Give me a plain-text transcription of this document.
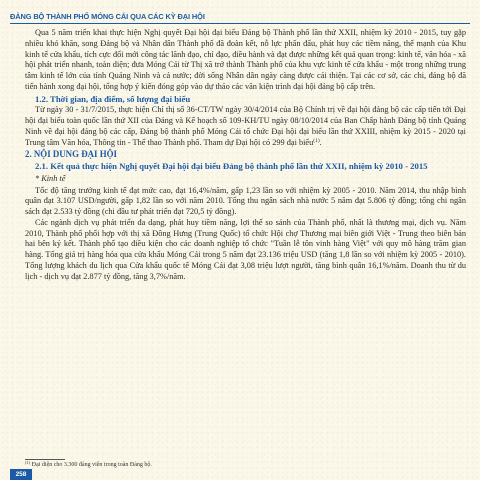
ĐẢNG BỘ THÀNH PHỐ MÓNG CÁI QUA CÁC KỲ ĐẠI HỘI

Qua 5 năm triển khai thực hiện Nghị quyết Đại hội đại biểu Đảng bộ Thành phố lần thứ XXII, nhiệm kỳ 2010 - 2015, tuy gặp nhiều khó khăn, song Đảng bộ và Nhân dân Thành phố đã đoàn kết, nỗ lực phấn đấu, phát huy các tiềm năng, thế mạnh của Khu kinh tế cửa khẩu, tích cực đổi mới công tác lãnh đạo, chỉ đạo, điều hành và đạt được những kết quả quan trọng: kinh tế, văn hóa - xã hội phát triển nhanh, toàn diện; đưa Móng Cái từ Thị xã trở thành Thành phố của khu vực kinh tế cửa khẩu - một trong những trung tâm kinh tế lớn của tỉnh Quảng Ninh và cả nước; đời sống Nhân dân ngày càng được cải thiện. Tại các cơ sở, các chi, đảng bộ đã tiến hành xong đại hội, tổng hợp ý kiến đóng góp vào dự thảo các văn kiện trình đại hội đảng bộ cấp trên.

1.2. Thời gian, địa điểm, số lượng đại biểu

Từ ngày 30 - 31/7/2015, thực hiện Chỉ thị số 36-CT/TW ngày 30/4/2014 của Bộ Chính trị về đại hội đảng bộ các cấp tiến tới Đại hội đại biểu toàn quốc lần thứ XII của Đảng và Kế hoạch số 109-KH/TU ngày 08/10/2014 của Ban Chấp hành Đảng bộ tỉnh Quảng Ninh về đại hội đảng bộ các cấp, Đảng bộ thành phố Móng Cái tổ chức Đại hội đại biểu lần thứ XXIII, nhiệm kỳ 2015 - 2020 tại Trung tâm Văn hóa, Thông tin - Thể thao Thành phố. Tham dự Đại hội có 299 đại biểu$^{(1)}$.

2. NỘI DUNG ĐẠI HỘI
2.1. Kết quả thực hiện Nghị quyết Đại hội đại biểu Đảng bộ thành phố lần thứ XXII, nhiệm kỳ 2010 - 2015

* Kinh tế

Tốc độ tăng trưởng kinh tế đạt mức cao, đạt 16,4%/năm, gấp 1,23 lần so với nhiệm kỳ 2005 - 2010. Năm 2014, thu nhập bình quân đạt 3.107 USD/người, gấp 1,82 lần so với năm 2010. Tổng thu ngân sách nhà nước 5 năm đạt 5.806 tỷ đồng; tổng chi ngân sách đạt 2.533 tỷ đồng (chi đầu tư phát triển đạt 720,5 tỷ đồng).

Các ngành dịch vụ phát triển đa dạng, phát huy tiềm năng, lợi thế so sánh của Thành phố, nhất là thương mại, dịch vụ. Năm 2010, Thành phố phối hợp với thị xã Đông Hưng (Trung Quốc) tổ chức Hội chợ Thương mại biên giới Việt - Trung theo biên bản hai bên ký kết. Thành phố tạo điều kiện cho các doanh nghiệp tổ chức "Tuần lễ tôn vinh hàng Việt" với quy mô hàng trăm gian hàng. Tổng giá trị hàng hóa qua cửa khẩu Móng Cái trong 5 năm đạt 23.136 triệu USD (tăng 1,8 lần so với nhiệm kỳ 2005 - 2010). Tổng lượng khách du lịch qua Cửa khẩu quốc tế Móng Cái đạt 3,08 triệu lượt người, tăng bình quân 16,1%/năm. Doanh thu từ du lịch - dịch vụ đạt 2.877 tỷ đồng, tăng 3,7%/năm.

$^{(1)}$ Đại diện cho 3.300 đảng viên trong toàn Đảng bộ.
258
